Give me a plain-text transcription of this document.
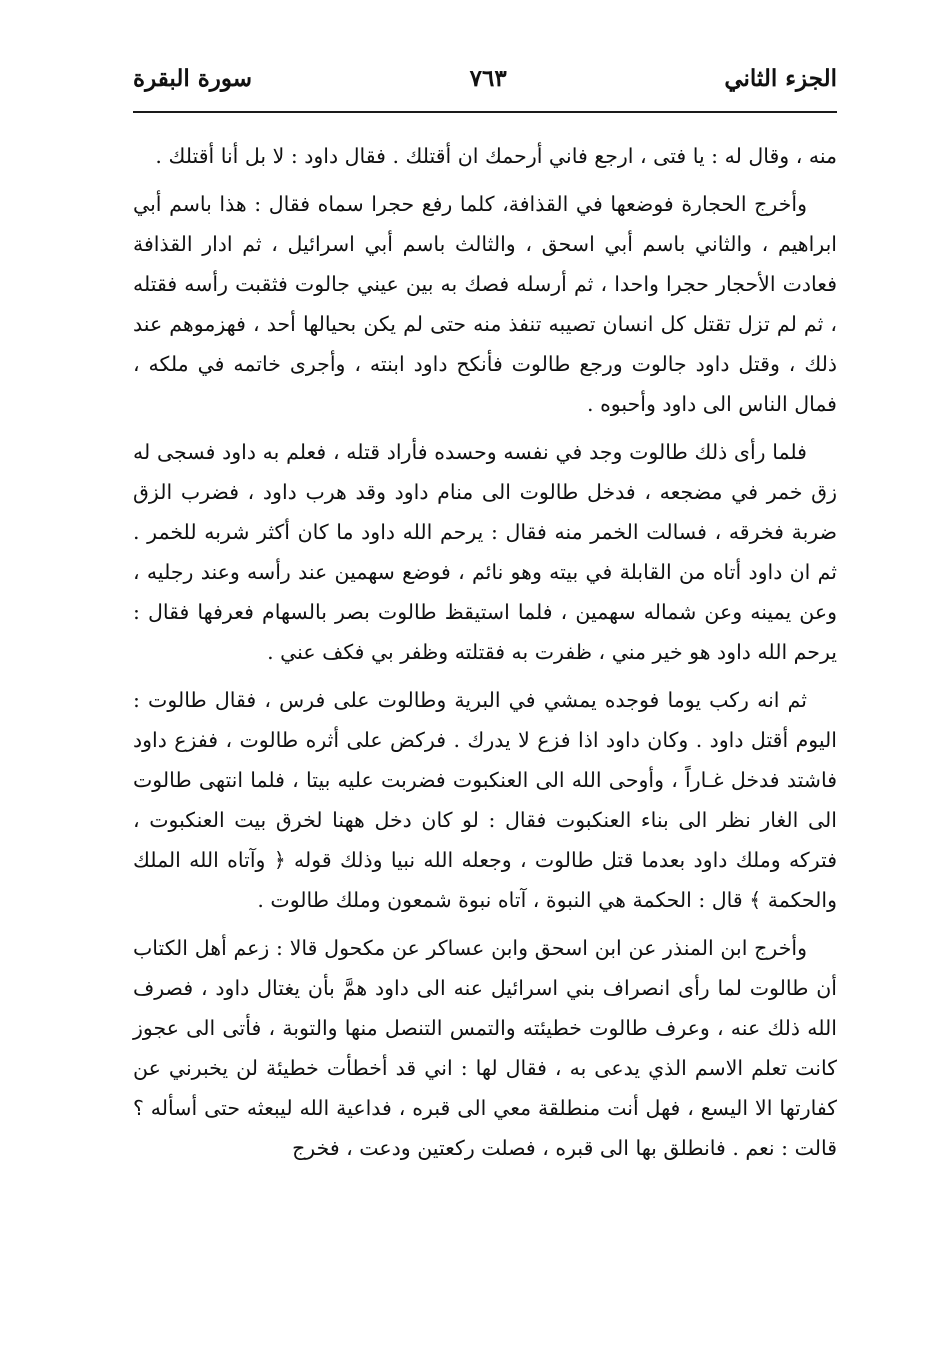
الجزء الثاني
٧٦٣
سورة البقرة

منه ، وقال له : يا فتى ، ارجع فاني أرحمك ان أقتلك . فقال داود : لا بل أنا أقتلك .

وأخرج الحجارة فوضعها في القذافة، كلما رفع حجرا سماه فقال : هذا باسم أبي ابراهيم ، والثاني باسم أبي اسحق ، والثالث باسم أبي اسرائيل ، ثم ادار القذافة فعادت الأحجار حجرا واحدا ، ثم أرسله فصك به بين عيني جالوت فثقبت رأسه فقتله ، ثم لم تزل تقتل كل انسان تصيبه تنفذ منه حتى لم يكن بحيالها أحد ، فهزموهم عند ذلك ، وقتل داود جالوت ورجع طالوت فأنكح داود ابنته ، وأجرى خاتمه في ملكه ، فمال الناس الى داود وأحبوه .

فلما رأى ذلك طالوت وجد في نفسه وحسده فأراد قتله ، فعلم به داود فسجى له زق خمر في مضجعه ، فدخل طالوت الى منام داود وقد هرب داود ، فضرب الزق ضربة فخرقه ، فسالت الخمر منه فقال : يرحم الله داود ما كان أكثر شربه للخمر . ثم ان داود أتاه من القابلة في بيته وهو نائم ، فوضع سهمين عند رأسه وعند رجليه ، وعن يمينه وعن شماله سهمين ، فلما استيقظ طالوت بصر بالسهام فعرفها فقال : يرحم الله داود هو خير مني ، ظفرت به فقتلته وظفر بي فكف عني .

ثم انه ركب يوما فوجده يمشي في البرية وطالوت على فرس ، فقال طالوت : اليوم أقتل داود . وكان داود اذا فزع لا يدرك . فركض على أثره طالوت ، ففزع داود فاشتد فدخل غـاراً ، وأوحى الله الى العنكبوت فضربت عليه بيتا ، فلما انتهى طالوت الى الغار نظر الى بناء العنكبوت فقال : لو كان دخل ههنا لخرق بيت العنكبوت ، فتركه وملك داود بعدما قتل طالوت ، وجعله الله نبيا وذلك قوله ﴿ وآتاه الله الملك والحكمة ﴾ قال : الحكمة هي النبوة ، آتاه نبوة شمعون وملك طالوت .

وأخرج ابن المنذر عن ابن اسحق وابن عساكر عن مكحول قالا : زعم أهل الكتاب أن طالوت لما رأى انصراف بني اسرائيل عنه الى داود همَّ بأن يغتال داود ، فصرف الله ذلك عنه ، وعرف طالوت خطيئته والتمس التنصل منها والتوبة ، فأتى الى عجوز كانت تعلم الاسم الذي يدعى به ، فقال لها : اني قد أخطأت خطيئة لن يخبرني عن كفارتها الا اليسع ، فهل أنت منطلقة معي الى قبره ، فداعية الله ليبعثه حتى أسأله ؟ قالت : نعم . فانطلق بها الى قبره ، فصلت ركعتين ودعت ، فخرج
